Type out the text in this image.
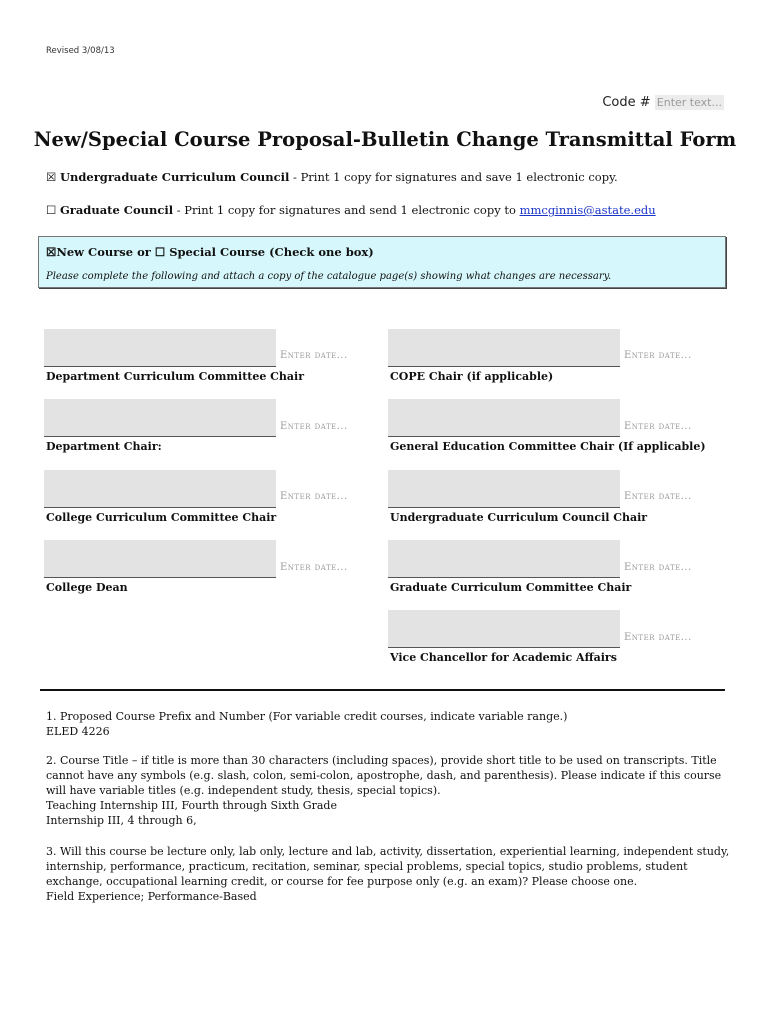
Revised 3/08/13
Code # Enter text...
New/Special Course Proposal-Bulletin Change Transmittal Form
☒ Undergraduate Curriculum Council - Print 1 copy for signatures and save 1 electronic copy.
☐ Graduate Council - Print 1 copy for signatures and send 1 electronic copy to mmcginnis@astate.edu
☒New Course or ☐ Special Course (Check one box)
Please complete the following and attach a copy of the catalogue page(s) showing what changes are necessary.
Enter date...
Department Curriculum Committee Chair
Enter date...
Department Chair:
Enter date...
College Curriculum Committee Chair
Enter date...
College Dean
Enter date...
COPE Chair (if applicable)
Enter date...
General Education Committee Chair (If applicable)
Enter date...
Undergraduate Curriculum Council Chair
Enter date...
Graduate Curriculum Committee Chair
Enter date...
Vice Chancellor for Academic Affairs
1. Proposed Course Prefix and Number (For variable credit courses, indicate variable range.)
ELED 4226
2. Course Title – if title is more than 30 characters (including spaces), provide short title to be used on transcripts. Title cannot have any symbols (e.g. slash, colon, semi-colon, apostrophe, dash, and parenthesis). Please indicate if this course will have variable titles (e.g. independent study, thesis, special topics).
Teaching Internship III, Fourth through Sixth Grade
Internship III, 4 through 6,
3. Will this course be lecture only, lab only, lecture and lab, activity, dissertation, experiential learning, independent study, internship, performance, practicum, recitation, seminar, special problems, special topics, studio problems, student exchange, occupational learning credit, or course for fee purpose only (e.g. an exam)? Please choose one.
Field Experience; Performance-Based
